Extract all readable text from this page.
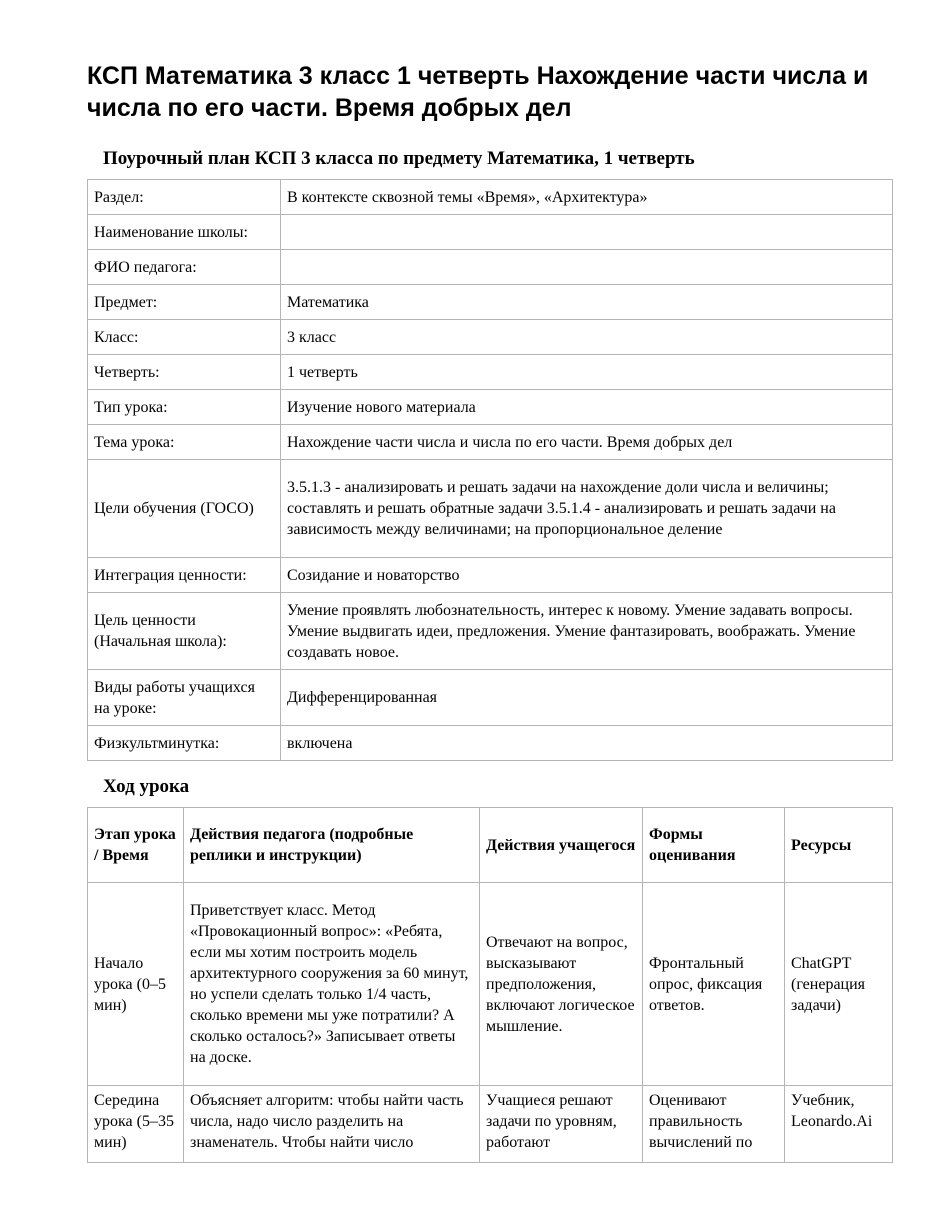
КСП Математика 3 класс 1 четверть Нахождение части числа и числа по его части. Время добрых дел
Поурочный план КСП 3 класса по предмету Математика, 1 четверть
Раздел:	В контексте сквозной темы «Время», «Архитектура»
Наименование школы:	
ФИО педагога:	
Предмет:	Математика
Класс:	3 класс
Четверть:	1 четверть
Тип урока:	Изучение нового материала
Тема урока:	Нахождение части числа и числа по его части. Время добрых дел
Цели обучения (ГОСО)	3.5.1.3 - анализировать и решать задачи на нахождение доли числа и величины; составлять и решать обратные задачи 3.5.1.4 - анализировать и решать задачи на зависимость между величинами; на пропорциональное деление
Интеграция ценности:	Созидание и новаторство
Цель ценности (Начальная школа):	Умение проявлять любознательность, интерес к новому. Умение задавать вопросы. Умение выдвигать идеи, предложения. Умение фантазировать, воображать. Умение создавать новое.
Виды работы учащихся на уроке:	Дифференцированная
Физкультминутка:	включена
Ход урока
Этап урока / Время	Действия педагога (подробные реплики и инструкции)	Действия учащегося	Формы оценивания	Ресурсы
Начало урока (0–5 мин)	Приветствует класс. Метод «Провокационный вопрос»: «Ребята, если мы хотим построить модель архитектурного сооружения за 60 минут, но успели сделать только 1/4 часть, сколько времени мы уже потратили? А сколько осталось?» Записывает ответы на доске.	Отвечают на вопрос, высказывают предположения, включают логическое мышление.	Фронтальный опрос, фиксация ответов.	ChatGPT (генерация задачи)
Середина урока (5–35 мин)	Объясняет алгоритм: чтобы найти часть числа, надо число разделить на знаменатель. Чтобы найти число	Учащиеся решают задачи по уровням, работают	Оценивают правильность вычислений по	Учебник, Leonardo.Ai
